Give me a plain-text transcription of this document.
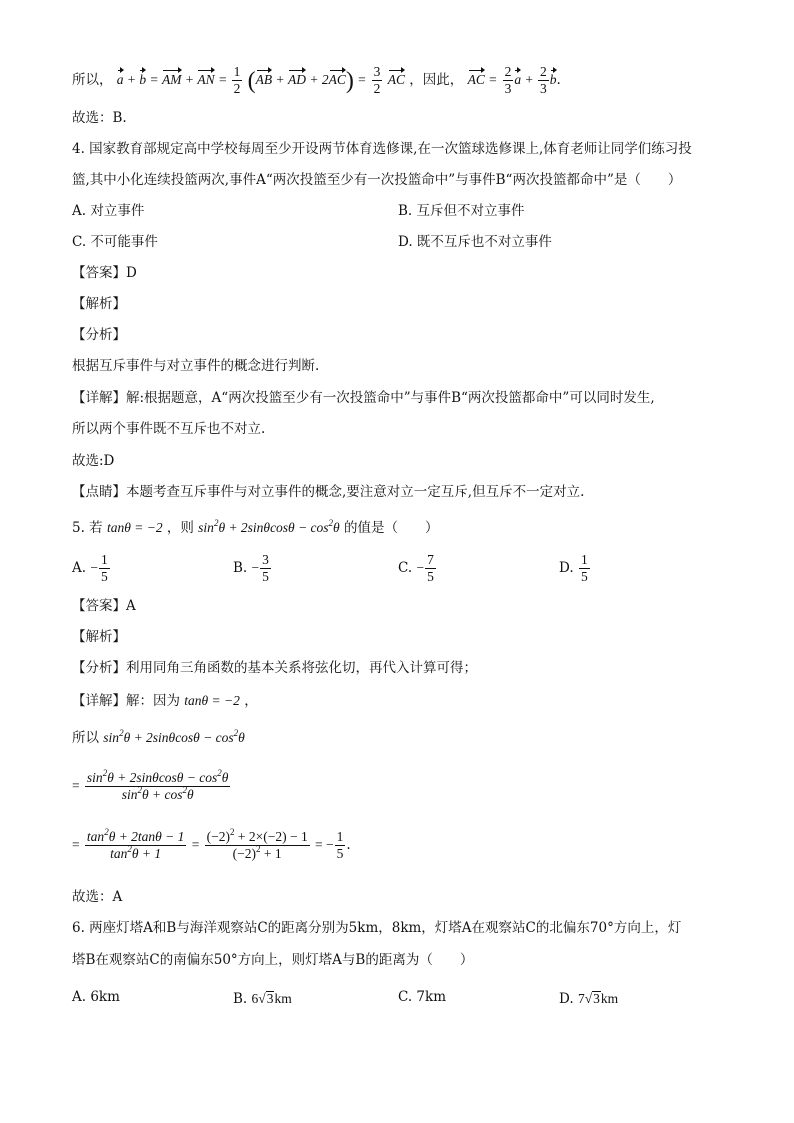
所以， a + b = AM + AN = $\frac{1}{2} (AB$ + AD + $2AC) = \frac{3}{2}$ AC ，因此， AC = $\frac{2}{3}$ $a + \frac{2}{3} b$.
故选：B.
4. 国家教育部规定高中学校每周至少开设两节体育选修课,在一次篮球选修课上,体育老师让同学们练习投
篮,其中小化连续投篮两次,事件A“两次投篮至少有一次投篮命中”与事件B“两次投篮都命中”是（　　）
A. 对立事件	B. 互斥但不对立事件
C. 不可能事件	D. 既不互斥也不对立事件
【答案】D
【解析】
【分析】
根据互斥事件与对立事件的概念进行判断.
【详解】解:根据题意，A“两次投篮至少有一次投篮命中”与事件B“两次投篮都命中”可以同时发生,
所以两个事件既不互斥也不对立.
故选:D
【点睛】本题考查互斥事件与对立事件的概念,要注意对立一定互斥,但互斥不一定对立.
5. 若 tanθ = −2 ，则 $\sin^2\theta + 2\sin\theta\cos\theta - \cos^2\theta$ 的值是（　　）
A. − $\frac{1}{5}$	B. − $\frac{3}{5}$	C. − $\frac{7}{5}$	D. $\frac{1}{5}$
【答案】A
【解析】
【分析】利用同角三角函数的基本关系将弦化切，再代入计算可得；
【详解】解：因为 tanθ = −2 ，
所以 $\sin^2\theta + 2\sin\theta\cos\theta - \cos^2\theta$
= $\frac{\sin^2\theta + 2\sin\theta\cos\theta - \cos^2\theta}{\sin^2\theta + \cos^2\theta}$
= $\frac{\tan^2\theta + 2\tan\theta - 1}{\tan^2\theta + 1} = \frac{(-2)^2 + 2\times(-2) - 1}{(-2)^2 + 1}$ = − $\frac{1}{5}$ .
故选：A
6. 两座灯塔A和B与海洋观察站C的距离分别为5km，8km，灯塔A在观察站C的北偏东70°方向上，灯
塔B在观察站C的南偏东50°方向上，则灯塔A与B的距离为（　　）
A. 6km	B. 6√3km	C. 7km	D. 7√3km
